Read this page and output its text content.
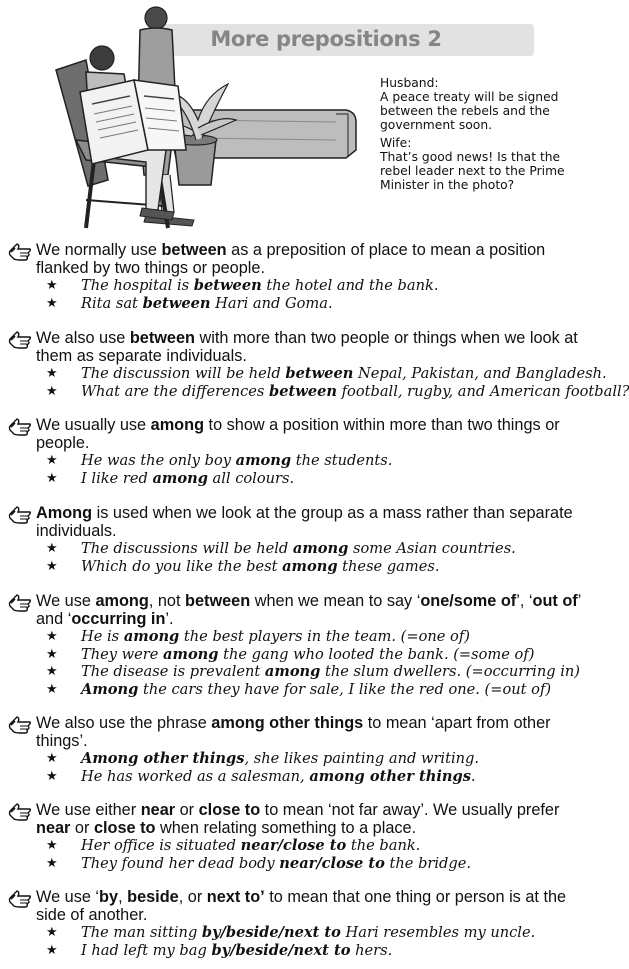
More prepositions 2
Husband:
A peace treaty will be signed between the rebels and the government soon.
Wife:
That’s good news! Is that the rebel leader next to the Prime Minister in the photo?
We normally use between as a preposition of place to mean a position flanked by two things or people.
★ The hospital is between the hotel and the bank.
★ Rita sat between Hari and Goma.
We also use between with more than two people or things when we look at them as separate individuals.
★ The discussion will be held between Nepal, Pakistan, and Bangladesh.
★ What are the differences between football, rugby, and American football?
We usually use among to show a position within more than two things or people.
★ He was the only boy among the students.
★ I like red among all colours.
Among is used when we look at the group as a mass rather than separate individuals.
★ The discussions will be held among some Asian countries.
★ Which do you like the best among these games.
We use among, not between when we mean to say ‘one/some of’, ‘out of’ and ‘occurring in’.
★ He is among the best players in the team. (=one of)
★ They were among the gang who looted the bank. (=some of)
★ The disease is prevalent among the slum dwellers. (=occurring in)
★ Among the cars they have for sale, I like the red one. (=out of)
We also use the phrase among other things to mean ‘apart from other things’.
★ Among other things, she likes painting and writing.
★ He has worked as a salesman, among other things.
We use either near or close to to mean ‘not far away’. We usually prefer near or close to when relating something to a place.
★ Her office is situated near/close to the bank.
★ They found her dead body near/close to the bridge.
We use ‘by, beside, or next to’ to mean that one thing or person is at the side of another.
★ The man sitting by/beside/next to Hari resembles my uncle.
★ I had left my bag by/beside/next to hers.
